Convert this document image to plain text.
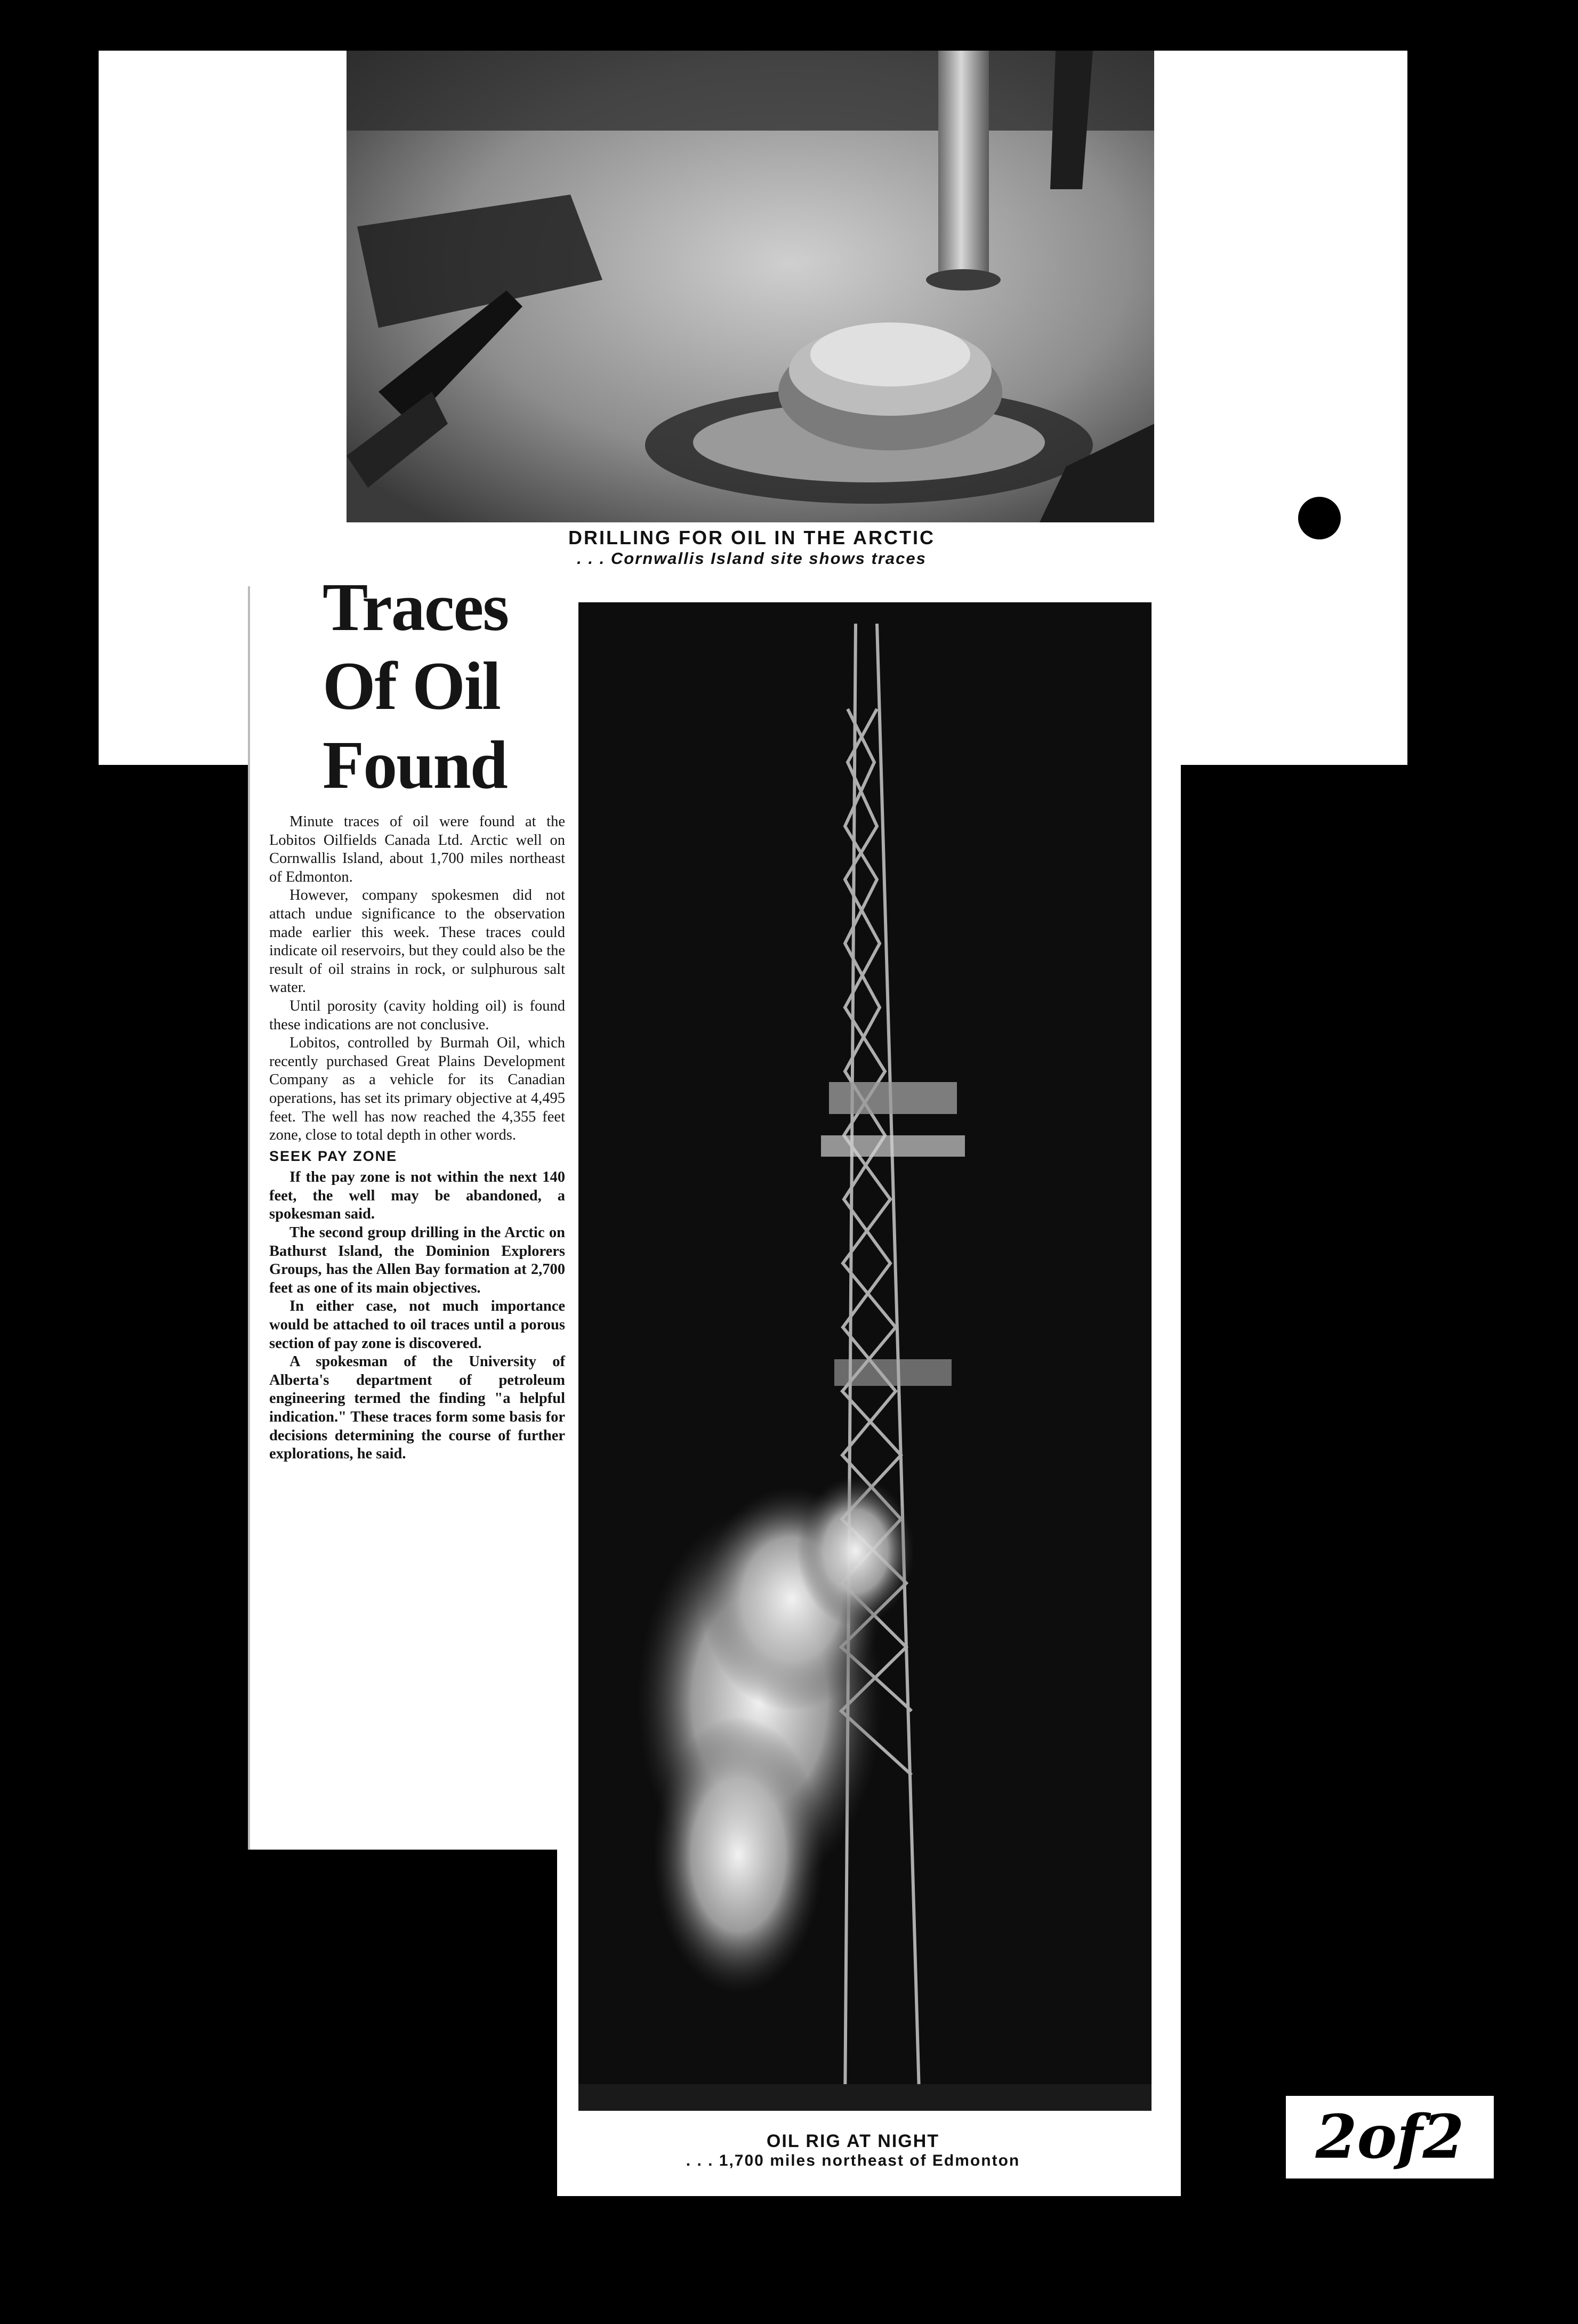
DRILLING FOR OIL IN THE ARCTIC
. . . Cornwallis Island site shows traces
Traces
Of Oil
Found

Minute traces of oil were found at the Lobitos Oilfields Canada Ltd. Arctic well on Cornwallis Island, about 1,700 miles northeast of Edmonton.

However, company spokesmen did not attach undue significance to the observation made earlier this week. These traces could indicate oil reservoirs, but they could also be the result of oil strains in rock, or sulphurous salt water.

Until porosity (cavity holding oil) is found these indications are not conclusive.

Lobitos, controlled by Burmah Oil, which recently purchased Great Plains Development Company as a vehicle for its Canadian operations, has set its primary objective at 4,495 feet. The well has now reached the 4,355 feet zone, close to total depth in other words.

SEEK PAY ZONE

If the pay zone is not within the next 140 feet, the well may be abandoned, a spokesman said.

The second group drilling in the Arctic on Bathurst Island, the Dominion Explorers Groups, has the Allen Bay formation at 2,700 feet as one of its main objectives.

In either case, not much importance would be attached to oil traces until a porous section of pay zone is discovered.

A spokesman of the University of Alberta's department of petroleum engineering termed the finding "a helpful indication." These traces form some basis for decisions determining the course of further explorations, he said.

OIL RIG AT NIGHT
. . . 1,700 miles northeast of Edmonton	2of2
